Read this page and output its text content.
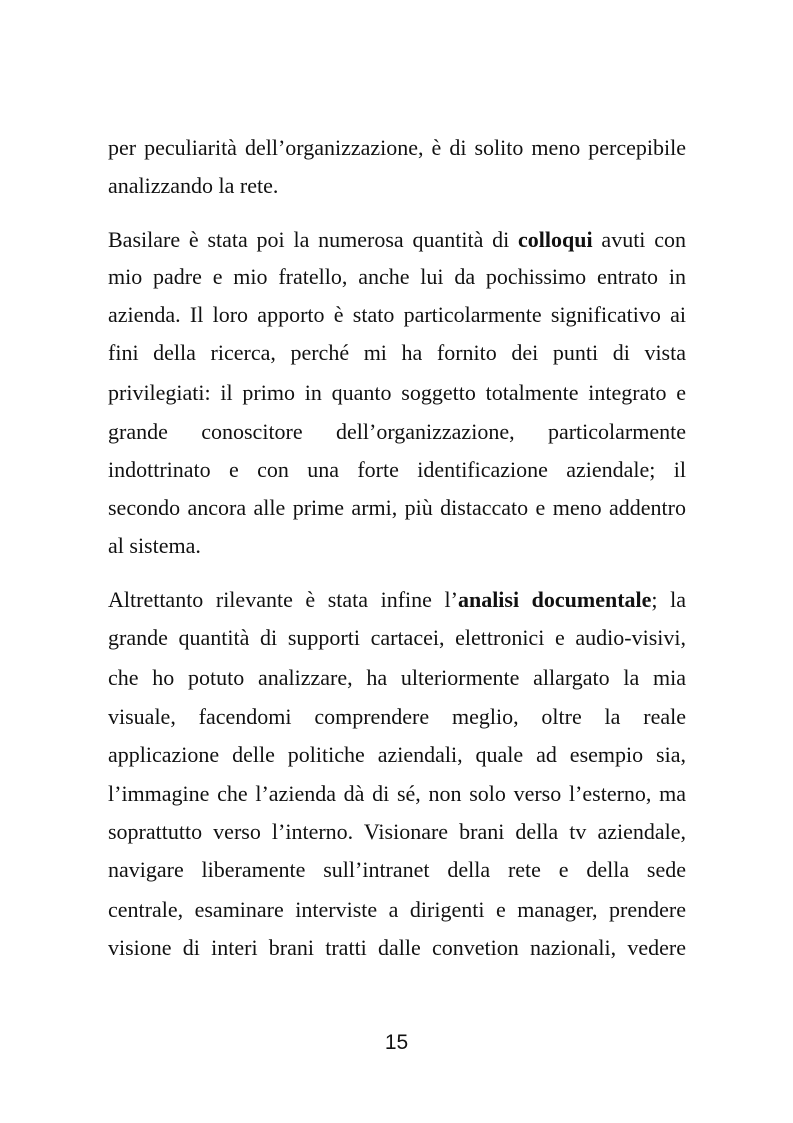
per peculiarità dell’organizzazione, è di solito meno percepibile
analizzando la rete.
Basilare è stata poi la numerosa quantità di colloqui avuti con
mio padre e mio fratello, anche lui da pochissimo entrato in
azienda. Il loro apporto è stato particolarmente significativo ai
fini della ricerca, perché mi ha fornito dei punti di vista
privilegiati: il primo in quanto soggetto totalmente integrato e
grande conoscitore dell’organizzazione, particolarmente
indottrinato e con una forte identificazione aziendale; il
secondo ancora alle prime armi, più distaccato e meno addentro
al sistema.
Altrettanto rilevante è stata infine l’analisi documentale; la
grande quantità di supporti cartacei, elettronici e audio-visivi,
che ho potuto analizzare, ha ulteriormente allargato la mia
visuale, facendomi comprendere meglio, oltre la reale
applicazione delle politiche aziendali, quale ad esempio sia,
l’immagine che l’azienda dà di sé, non solo verso l’esterno, ma
soprattutto verso l’interno. Visionare brani della tv aziendale,
navigare liberamente sull’intranet della rete e della sede
centrale, esaminare interviste a dirigenti e manager, prendere
visione di interi brani tratti dalle convetion nazionali, vedere
15
